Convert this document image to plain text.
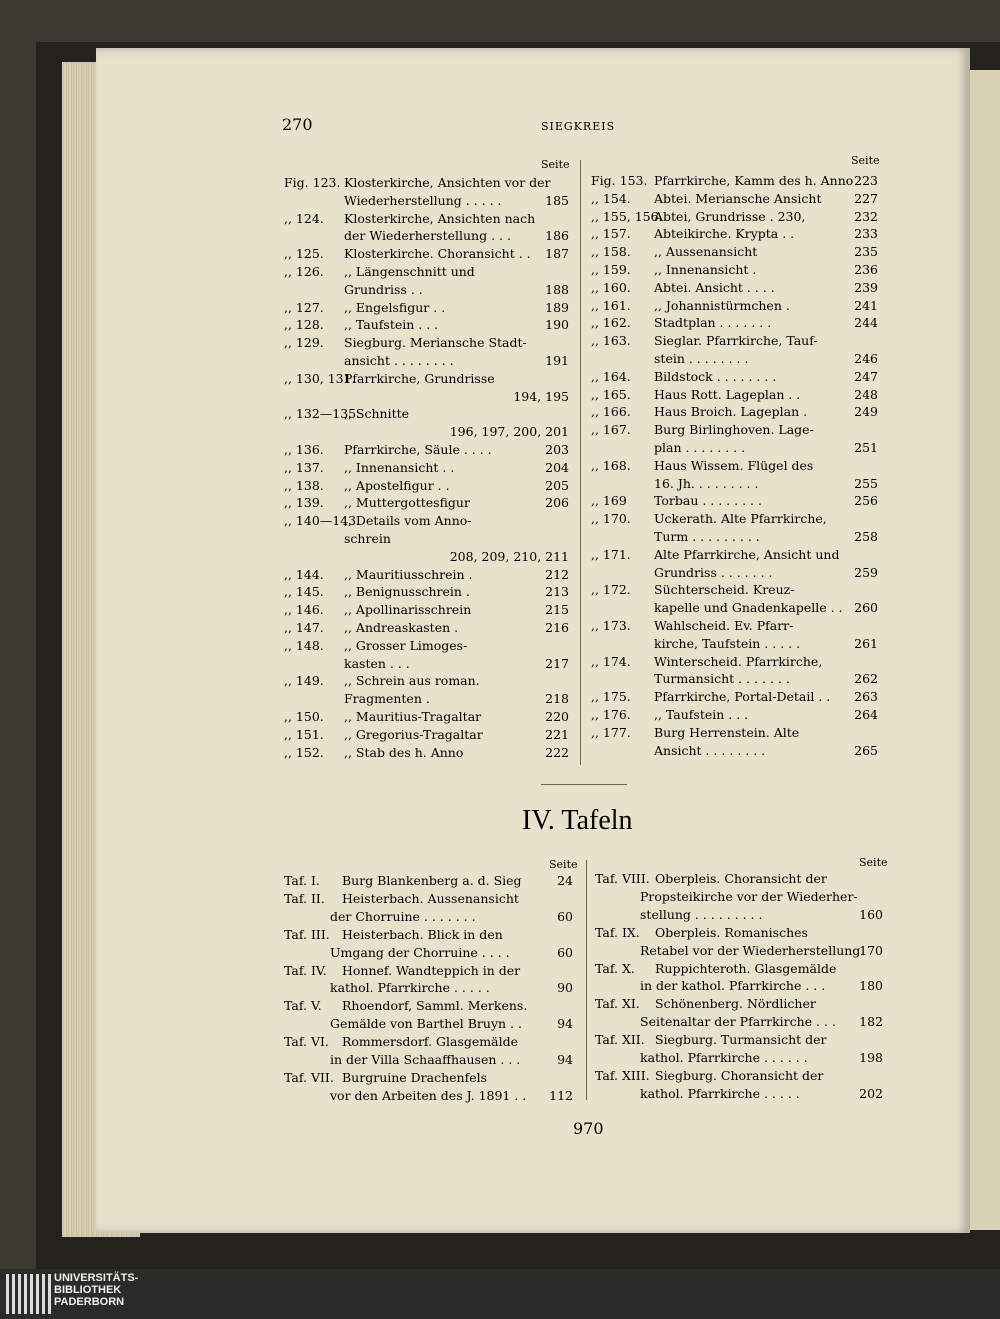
270	SIEGKREIS
Seite	Seite
Fig. 123. Klosterkirche, Ansichten vor der
Wiederherstellung . . . . .	185
,, 124. Klosterkirche, Ansichten nach
der Wiederherstellung . . .	186
,, 125. Klosterkirche. Choransicht . .	187
,, 126. ,, Längenschnitt und
Grundriss . .	188
,, 127. ,, Engelsfigur . .	189
,, 128. ,, Taufstein . . .	190
,, 129. Siegburg. Meriansche Stadt-
ansicht . . . . . . . .	191
,, 130, 131.
Pfarrkirche, Grundrisse
194, 195
,, 132—135.
,, Schnitte
196, 197, 200, 201
,, 136. Pfarrkirche, Säule . . . .	203
,, 137. ,, Innenansicht . .	204
,, 138. ,, Apostelfigur . .	205
,, 139. ,, Muttergottesfigur	206
,, 140—143.
,, Details vom Anno-
schrein
208, 209, 210, 211
,, 144. ,, Mauritiusschrein .	212
,, 145. ,, Benignusschrein .	213
,, 146. ,, Apollinarisschrein	215
,, 147. ,, Andreaskasten .	216
,, 148. ,, Grosser Limoges-
kasten . . .	217
,, 149. ,, Schrein aus roman.
Fragmenten .	218
,, 150. ,, Mauritius-Tragaltar	220
,, 151. ,, Gregorius-Tragaltar	221
,, 152. ,, Stab des h. Anno	222
Fig. 153. Pfarrkirche, Kamm des h. Anno 223
,, 154. Abtei. Meriansche Ansicht	227
,, 155, 156.
Abtei, Grundrisse . 230,	232
,, 157. Abteikirche. Krypta . .	233
,, 158. ,, Aussenansicht	235
,, 159. ,, Innenansicht .	236
,, 160. Abtei. Ansicht . . . .	239
,, 161. ,, Johannistürmchen .	241
,, 162. Stadtplan . . . . . . .	244
,, 163. Sieglar. Pfarrkirche, Tauf-
stein . . . . . . . .	246
,, 164. Bildstock . . . . . . . .	247
,, 165. Haus Rott. Lageplan . .	248
,, 166. Haus Broich. Lageplan .	249
,, 167. Burg Birlinghoven. Lage-
plan . . . . . . . .	251
,, 168. Haus Wissem. Flügel des
16. Jh. . . . . . . . .	255
,, 169 Torbau . . . . . . . .	256
,, 170. Uckerath. Alte Pfarrkirche,
Turm . . . . . . . . .	258
,, 171. Alte Pfarrkirche, Ansicht und
Grundriss . . . . . . .	259
,, 172. Süchterscheid. Kreuz-
kapelle und Gnadenkapelle . . 260
,, 173. Wahlscheid. Ev. Pfarr-
kirche, Taufstein . . . . .	261
,, 174. Winterscheid. Pfarrkirche,
Turmansicht . . . . . . .	262
,, 175. Pfarrkirche, Portal-Detail . .	263
,, 176. ,, Taufstein . . .	264
,, 177. Burg Herrenstein. Alte
Ansicht . . . . . . . .	265
IV. Tafeln
Seite	Seite
Taf. I. Burg Blankenberg a. d. Sieg	24
Taf. II. Heisterbach. Aussenansicht
der Chorruine . . . . . . .	60
Taf. III. Heisterbach. Blick in den
Umgang der Chorruine . . . .	60
Taf. IV. Honnef. Wandteppich in der
kathol. Pfarrkirche . . . . .	90
Taf. V. Rhoendorf, Samml. Merkens.
Gemälde von Barthel Bruyn . .	94
Taf. VI. Rommersdorf. Glasgemälde
in der Villa Schaaffhausen . . .	94
Taf. VII. Burgruine Drachenfels
vor den Arbeiten des J. 1891 . .	112
Taf. VIII. Oberpleis. Choransicht der
Propsteikirche vor der Wiederher-
stellung . . . . . . . . .	160
Taf. IX. Oberpleis. Romanisches
Retabel vor der Wiederherstellung
170
Taf. X. Ruppichteroth. Glasgemälde
in der kathol. Pfarrkirche . . .	180
Taf. XI. Schönenberg. Nördlicher
Seitenaltar der Pfarrkirche . . .	182
Taf. XII. Siegburg. Turmansicht der
kathol. Pfarrkirche . . . . . .	198
Taf. XIII. Siegburg. Choransicht der
kathol. Pfarrkirche . . . . .	202
970
UNIVERSITÄTS-
BIBLIOTHEK
PADERBORN
